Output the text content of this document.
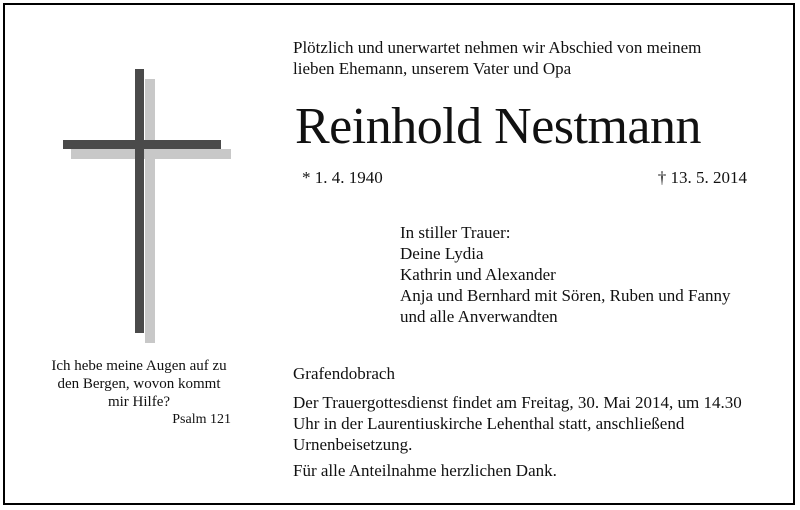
Ich hebe meine Augen auf zu
den Bergen, wovon kommt
mir Hilfe?
Psalm 121
Plötzlich und unerwartet nehmen wir Abschied von meinem
lieben Ehemann, unserem Vater und Opa
Reinhold Nestmann
* 1. 4. 1940	† 13. 5. 2014
In stiller Trauer:
Deine Lydia
Kathrin und Alexander
Anja und Bernhard mit Sören, Ruben und Fanny
und alle Anverwandten
Grafendobrach
Der Trauergottesdienst findet am Freitag, 30. Mai 2014, um 14.30
Uhr in der Laurentiuskirche Lehenthal statt, anschließend
Urnenbeisetzung.
Für alle Anteilnahme herzlichen Dank.
